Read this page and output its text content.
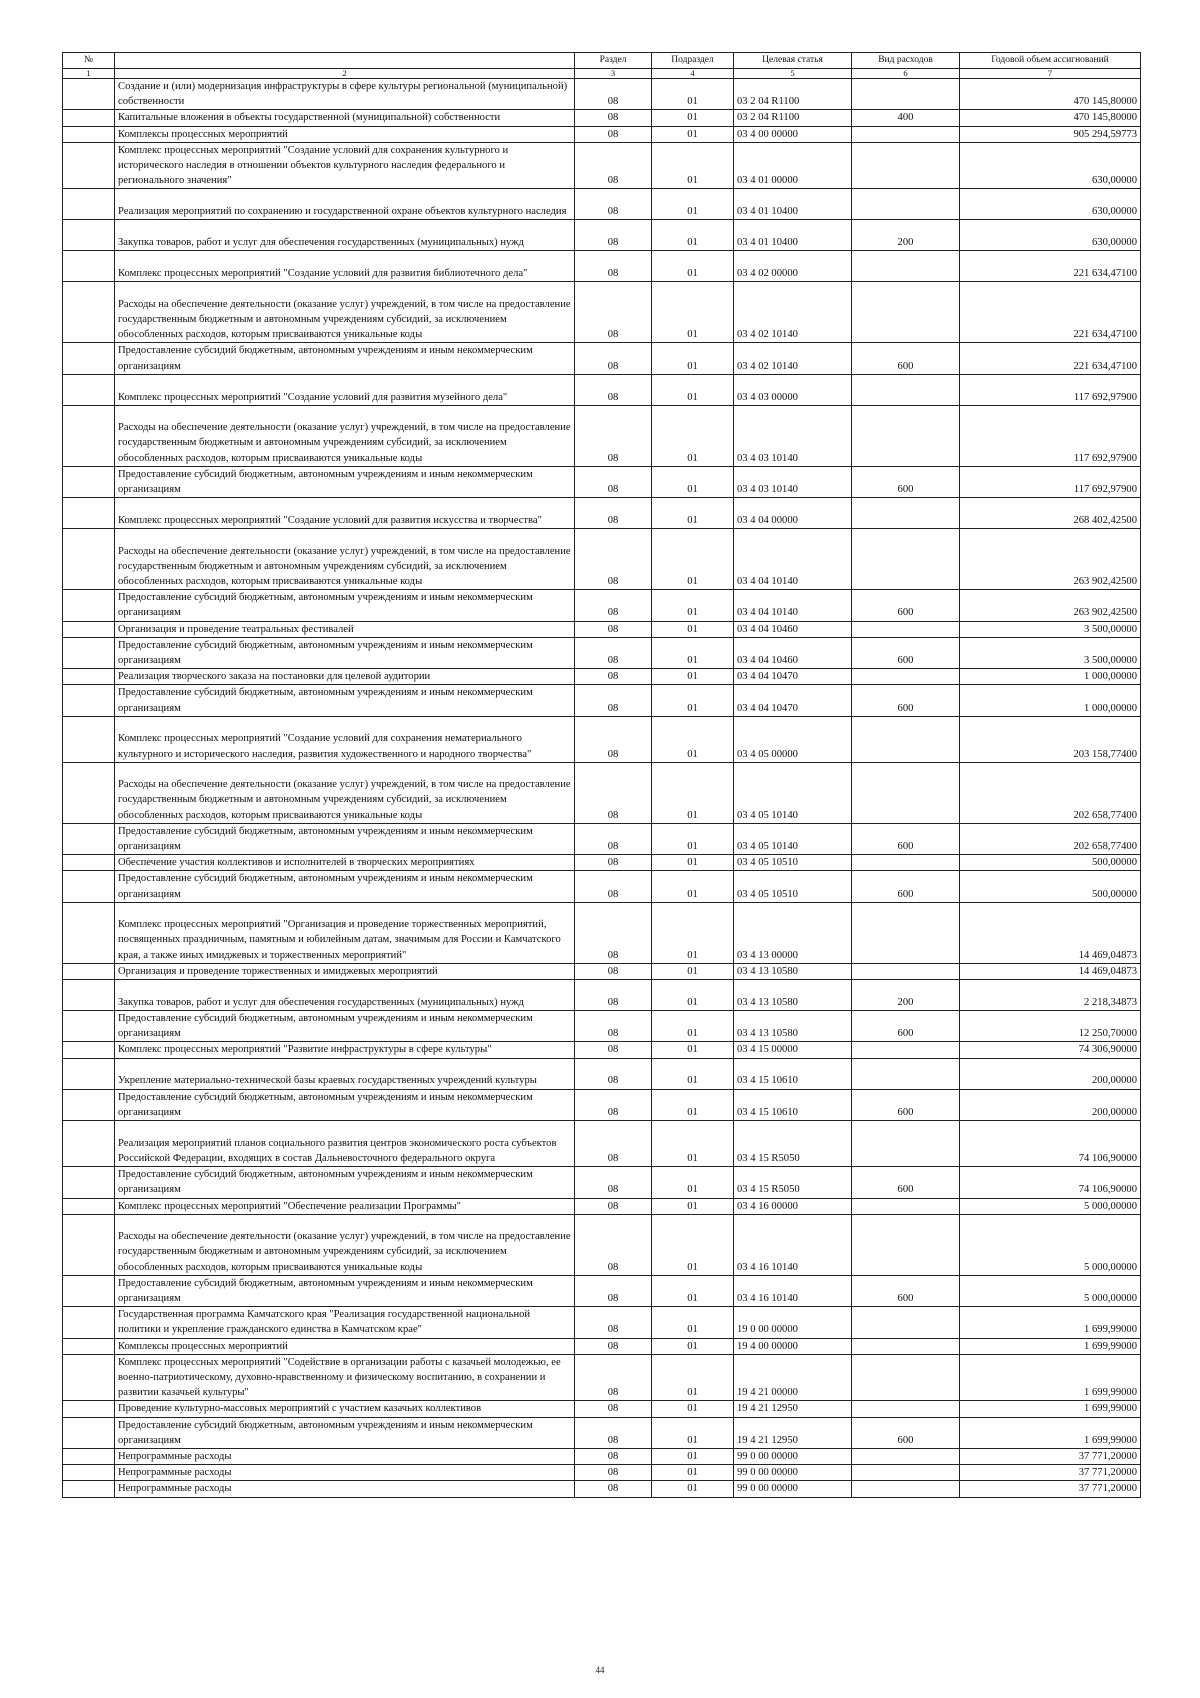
№		Раздел	Подраздел	Целевая статья	Вид расходов	Годовой объем ассигнований
1	2	3	4	5	6	7
	Создание и (или) модернизация инфраструктуры в сфере культуры региональной (муниципальной) собственности	08	01	03 2 04 R1100		470 145,80000
	Капитальные вложения в объекты государственной (муниципальной) собственности	08	01	03 2 04 R1100	400	470 145,80000
	Комплексы процессных мероприятий	08	01	03 4 00 00000		905 294,59773
	Комплекс процессных мероприятий "Создание условий для сохранения культурного и исторического наследия в отношении объектов культурного наследия федерального и регионального значения"	08	01	03 4 01 00000		630,00000
	Реализация мероприятий по сохранению и государственной охране объектов культурного наследия	08	01	03 4 01 10400		630,00000
	Закупка товаров, работ и услуг для обеспечения государственных (муниципальных) нужд	08	01	03 4 01 10400	200	630,00000
	Комплекс процессных мероприятий "Создание условий для развития библиотечного дела"	08	01	03 4 02 00000		221 634,47100
	Расходы на обеспечение деятельности (оказание услуг) учреждений, в том числе на предоставление государственным бюджетным и автономным учреждениям субсидий, за исключением обособленных расходов, которым присваиваются уникальные коды	08	01	03 4 02 10140		221 634,47100
	Предоставление субсидий бюджетным, автономным учреждениям и иным некоммерческим организациям	08	01	03 4 02 10140	600	221 634,47100
	Комплекс процессных мероприятий "Создание условий для развития музейного дела"	08	01	03 4 03 00000		117 692,97900
	Расходы на обеспечение деятельности (оказание услуг) учреждений, в том числе на предоставление государственным бюджетным и автономным учреждениям субсидий, за исключением обособленных расходов, которым присваиваются уникальные коды	08	01	03 4 03 10140		117 692,97900
	Предоставление субсидий бюджетным, автономным учреждениям и иным некоммерческим организациям	08	01	03 4 03 10140	600	117 692,97900
	Комплекс процессных мероприятий "Создание условий для развития искусства и творчества"	08	01	03 4 04 00000		268 402,42500
	Расходы на обеспечение деятельности (оказание услуг) учреждений, в том числе на предоставление государственным бюджетным и автономным учреждениям субсидий, за исключением обособленных расходов, которым присваиваются уникальные коды	08	01	03 4 04 10140		263 902,42500
	Предоставление субсидий бюджетным, автономным учреждениям и иным некоммерческим организациям	08	01	03 4 04 10140	600	263 902,42500
	Организация и проведение театральных фестивалей	08	01	03 4 04 10460		3 500,00000
	Предоставление субсидий бюджетным, автономным учреждениям и иным некоммерческим организациям	08	01	03 4 04 10460	600	3 500,00000
	Реализация творческого заказа на постановки для целевой аудитории	08	01	03 4 04 10470		1 000,00000
	Предоставление субсидий бюджетным, автономным учреждениям и иным некоммерческим организациям	08	01	03 4 04 10470	600	1 000,00000
	Комплекс процессных мероприятий "Создание условий для сохранения нематериального культурного и исторического наследия, развития художественного и народного творчества"	08	01	03 4 05 00000		203 158,77400
	Расходы на обеспечение деятельности (оказание услуг) учреждений, в том числе на предоставление государственным бюджетным и автономным учреждениям субсидий, за исключением обособленных расходов, которым присваиваются уникальные коды	08	01	03 4 05 10140		202 658,77400
	Предоставление субсидий бюджетным, автономным учреждениям и иным некоммерческим организациям	08	01	03 4 05 10140	600	202 658,77400
	Обеспечение участия коллективов и исполнителей в творческих мероприятиях	08	01	03 4 05 10510		500,00000
	Предоставление субсидий бюджетным, автономным учреждениям и иным некоммерческим организациям	08	01	03 4 05 10510	600	500,00000
	Комплекс процессных мероприятий "Организация и проведение торжественных мероприятий, посвященных праздничным, памятным и юбилейным датам, значимым для России и Камчатского края, а также иных имиджевых и торжественных мероприятий"	08	01	03 4 13 00000		14 469,04873
	Организация и проведение торжественных и имиджевых мероприятий	08	01	03 4 13 10580		14 469,04873
	Закупка товаров, работ и услуг для обеспечения государственных (муниципальных) нужд	08	01	03 4 13 10580	200	2 218,34873
	Предоставление субсидий бюджетным, автономным учреждениям и иным некоммерческим организациям	08	01	03 4 13 10580	600	12 250,70000
	Комплекс процессных мероприятий "Развитие инфраструктуры в сфере культуры"	08	01	03 4 15 00000		74 306,90000
	Укрепление материально-технической базы краевых государственных учреждений культуры	08	01	03 4 15 10610		200,00000
	Предоставление субсидий бюджетным, автономным учреждениям и иным некоммерческим организациям	08	01	03 4 15 10610	600	200,00000
	Реализация мероприятий планов социального развития центров экономического роста субъектов Российской Федерации, входящих в состав Дальневосточного федерального округа	08	01	03 4 15 R5050		74 106,90000
	Предоставление субсидий бюджетным, автономным учреждениям и иным некоммерческим организациям	08	01	03 4 15 R5050	600	74 106,90000
	Комплекс процессных мероприятий "Обеспечение реализации Программы"	08	01	03 4 16 00000		5 000,00000
	Расходы на обеспечение деятельности (оказание услуг) учреждений, в том числе на предоставление государственным бюджетным и автономным учреждениям субсидий, за исключением обособленных расходов, которым присваиваются уникальные коды	08	01	03 4 16 10140		5 000,00000
	Предоставление субсидий бюджетным, автономным учреждениям и иным некоммерческим организациям	08	01	03 4 16 10140	600	5 000,00000
	Государственная программа Камчатского края "Реализация государственной национальной политики и укрепление гражданского единства в Камчатском крае"	08	01	19 0 00 00000		1 699,99000
	Комплексы процессных мероприятий	08	01	19 4 00 00000		1 699,99000
	Комплекс процессных мероприятий "Содействие в организации работы с казачьей молодежью, ее военно-патриотическому, духовно-нравственному и физическому воспитанию, в сохранении и развитии казачьей культуры"	08	01	19 4 21 00000		1 699,99000
	Проведение культурно-массовых мероприятий с участием казачьих коллективов	08	01	19 4 21 12950		1 699,99000
	Предоставление субсидий бюджетным, автономным учреждениям и иным некоммерческим организациям	08	01	19 4 21 12950	600	1 699,99000
	Непрограммные расходы	08	01	99 0 00 00000		37 771,20000
	Непрограммные расходы	08	01	99 0 00 00000		37 771,20000
	Непрограммные расходы	08	01	99 0 00 00000		37 771,20000
44
